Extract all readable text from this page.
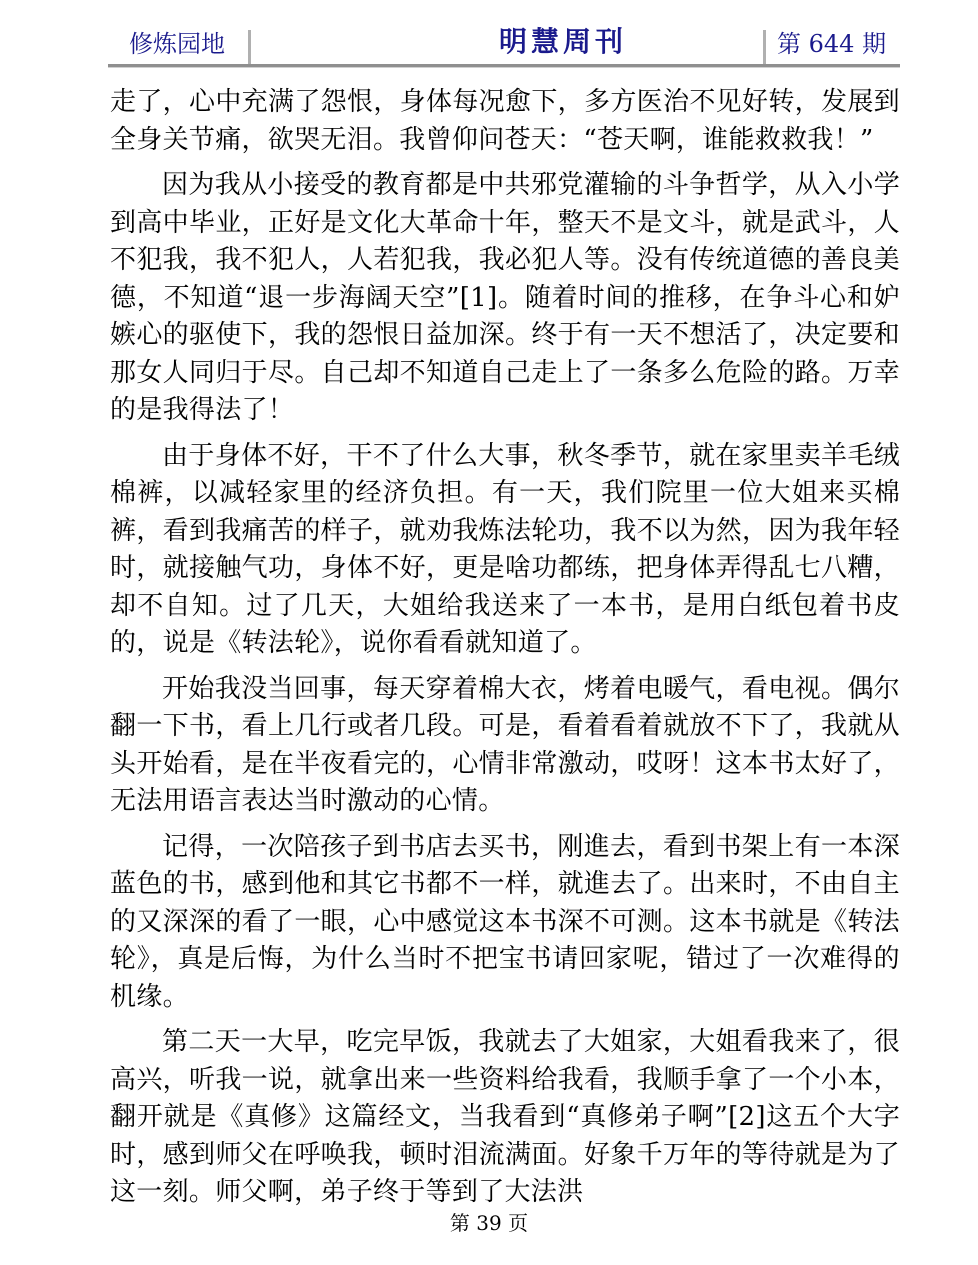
修炼园地	明慧周刊	第 644 期

走了，心中充满了怨恨，身体每况愈下，多方医治不见好转，发展到全身关节痛，欲哭无泪。我曾仰问苍天：“苍天啊，谁能救救我！”

因为我从小接受的教育都是中共邪党灌输的斗争哲学，从入小学到高中毕业，正好是文化大革命十年，整天不是文斗，就是武斗，人不犯我，我不犯人，人若犯我，我必犯人等。没有传统道德的善良美德，不知道“退一步海阔天空”[1]。随着时间的推移，在争斗心和妒嫉心的驱使下，我的怨恨日益加深。终于有一天不想活了，决定要和那女人同归于尽。自己却不知道自己走上了一条多么危险的路。万幸的是我得法了！

由于身体不好，干不了什么大事，秋冬季节，就在家里卖羊毛绒棉裤，以减轻家里的经济负担。有一天，我们院里一位大姐来买棉裤，看到我痛苦的样子，就劝我炼法轮功，我不以为然，因为我年轻时，就接触气功，身体不好，更是啥功都练，把身体弄得乱七八糟，却不自知。过了几天，大姐给我送来了一本书，是用白纸包着书皮的，说是《转法轮》，说你看看就知道了。

开始我没当回事，每天穿着棉大衣，烤着电暖气，看电视。偶尔翻一下书，看上几行或者几段。可是，看着看着就放不下了，我就从头开始看，是在半夜看完的，心情非常激动，哎呀！这本书太好了，无法用语言表达当时激动的心情。

记得，一次陪孩子到书店去买书，刚進去，看到书架上有一本深蓝色的书，感到他和其它书都不一样，就進去了。出来时，不由自主的又深深的看了一眼，心中感觉这本书深不可测。这本书就是《转法轮》，真是后悔，为什么当时不把宝书请回家呢，错过了一次难得的机缘。

第二天一大早，吃完早饭，我就去了大姐家，大姐看我来了，很高兴，听我一说，就拿出来一些资料给我看，我顺手拿了一个小本，翻开就是《真修》这篇经文，当我看到“真修弟子啊”[2]这五个大字时，感到师父在呼唤我，顿时泪流满面。好象千万年的等待就是为了这一刻。师父啊，弟子终于等到了大法洪

第 39 页
